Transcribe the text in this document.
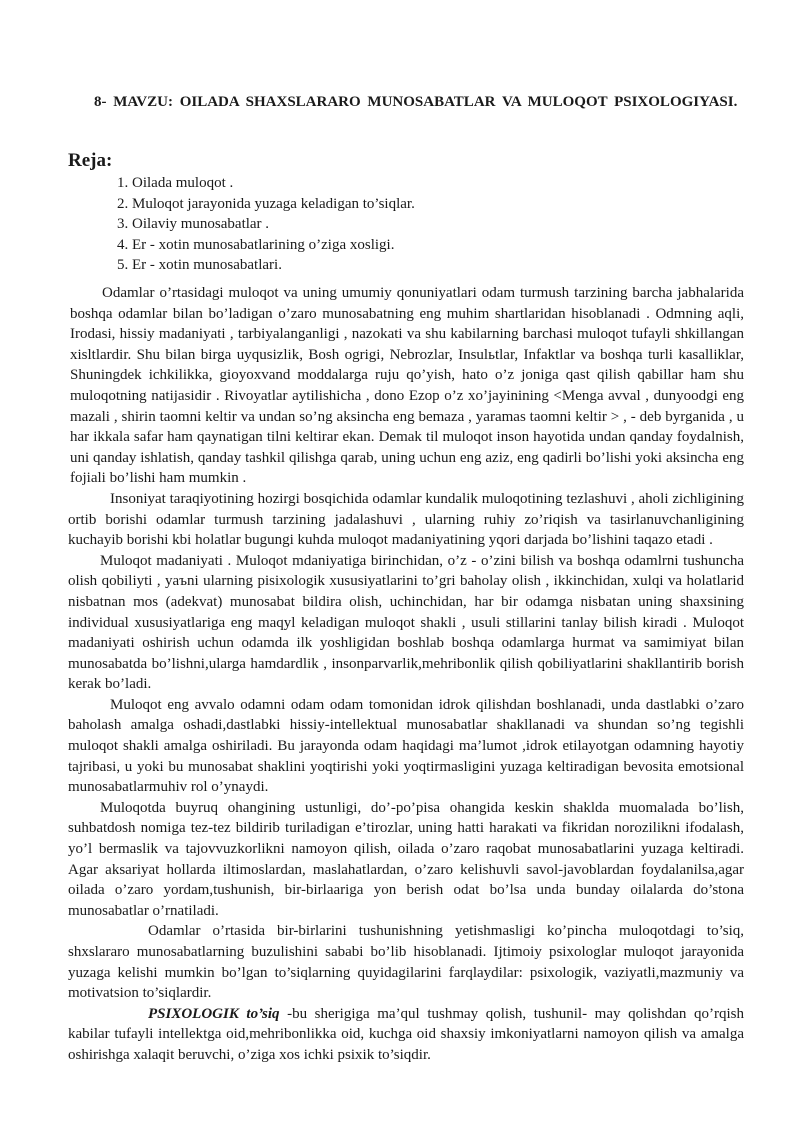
8- MAVZU: OILADA SHAXSLARARO MUNOSABATLAR VA MULOQOT PSIXOLOGIYASI.

Reja:

1. Oilada muloqot .
2. Muloqot jarayonida yuzaga keladigan to’siqlar.
3. Oilaviy munosabatlar .
4. Er - xotin munosabatlarining o’ziga xosligi.
5. Er - xotin munosabatlari.

Odamlar o’rtasidagi muloqot va uning umumiy qonuniyatlari odam turmush tarzining barcha jabhalarida boshqa odamlar bilan bo’ladigan o’zaro munosabatning eng muhim shartlaridan hisoblanadi . Odmning aqli, Irodasi, hissiy madaniyati , tarbiyalanganligi , nazokati va shu kabilarning barchasi muloqot tufayli shkillangan xisltlardir. Shu bilan birga uyqusizlik, Bosh ogrigi, Nebrozlar, Insulьtlar, Infaktlar va boshqa turli kasalliklar, Shuningdek ichkilikka, gioyoxvand moddalarga ruju qo’yish, hato o’z joniga qast qilish qabillar ham shu muloqotning natijasidir . Rivoyatlar aytilishicha , dono Ezop o’z xo’jayinining <Menga avval , dunyoodgi eng mazali , shirin taomni keltir va undan so’ng aksincha eng bemaza , yaramas taomni keltir > , - deb byrganida , u har ikkala safar ham qaynatigan tilni keltirar ekan. Demak til muloqot inson hayotida undan qanday foydalnish, uni qanday ishlatish, qanday tashkil qilishga qarab, uning uchun eng aziz, eng qadirli bo’lishi yoki aksincha eng fojiali bo’lishi ham mumkin .

Insoniyat taraqiyotining hozirgi bosqichida odamlar kundalik muloqotining tezlashuvi , aholi zichligining ortib borishi odamlar turmush tarzining jadalashuvi , ularning ruhiy zo’riqish va tasirlanuvchanligining kuchayib borishi kbi holatlar bugungi kuhda muloqot madaniyatining yqori darjada bo’lishini taqazo etadi .

Muloqot madaniyati . Muloqot mdaniyatiga birinchidan, o’z - o’zini bilish va boshqa odamlrni tushuncha olish qobiliyti , yaъni ularning pisixologik xususiyatlarini to’gri baholay olish , ikkinchidan, xulqi va holatlarid nisbatnan mos (adekvat) munosabat bildira olish, uchinchidan, har bir odamga nisbatan uning shaxsining individual xususiyatlariga eng maqyl keladigan muloqot shakli , usuli stillarini tanlay bilish kiradi . Muloqot madaniyati oshirish uchun odamda ilk yoshligidan boshlab boshqa odamlarga hurmat va samimiyat bilan munosabatda bo’lishni,ularga hamdardlik , insonparvarlik,mehribonlik qilish qobiliyatlarini shakllantirib borish kerak bo’ladi.

Muloqot eng avvalo odamni odam odam tomonidan idrok qilishdan boshlanadi, unda dastlabki o’zaro baholash amalga oshadi,dastlabki hissiy-intellektual munosabatlar shakllanadi va shundan so’ng tegishli muloqot shakli amalga oshiriladi. Bu jarayonda odam haqidagi ma’lumot ,idrok etilayotgan odamning hayotiy tajribasi, u yoki bu munosabat shaklini yoqtirishi yoki yoqtirmasligini yuzaga keltiradigan bevosita emotsional munosabatlarmuhiv rol o’ynaydi.

Muloqotda buyruq ohangining ustunligi, do’-po’pisa ohangida keskin shaklda muomalada bo’lish, suhbatdosh nomiga tez-tez bildirib turiladigan e’tirozlar, uning hatti harakati va fikridan norozilikni ifodalash, yo’l bermaslik va tajovvuzkorlikni namoyon qilish, oilada o’zaro raqobat munosabatlarini yuzaga keltiradi. Agar aksariyat hollarda iltimoslardan, maslahatlardan, o’zaro kelishuvli savol-javoblardan foydalanilsa,agar oilada o’zaro yordam,tushunish, bir-birlaariga yon berish odat bo’lsa unda bunday oilalarda do’stona munosabatlar o’rnatiladi.

Odamlar o’rtasida bir-birlarini tushunishning yetishmasligi ko’pincha muloqotdagi to’siq, shxslararo munosabatlarning buzulishini sababi bo’lib hisoblanadi. Ijtimoiy psixologlar muloqot jarayonida yuzaga kelishi mumkin bo’lgan to’siqlarning quyidagilarini farqlaydilar: psixologik, vaziyatli,mazmuniy va motivatsion to’siqlardir.

PSIXOLOGIK to’siq -bu sherigiga ma’qul tushmay qolish, tushunil- may qolishdan qo’rqish kabilar tufayli intellektga oid,mehribonlikka oid, kuchga oid shaxsiy imkoniyatlarni namoyon qilish va amalga oshirishga xalaqit beruvchi, o’ziga xos ichki psixik to’siqdir.
